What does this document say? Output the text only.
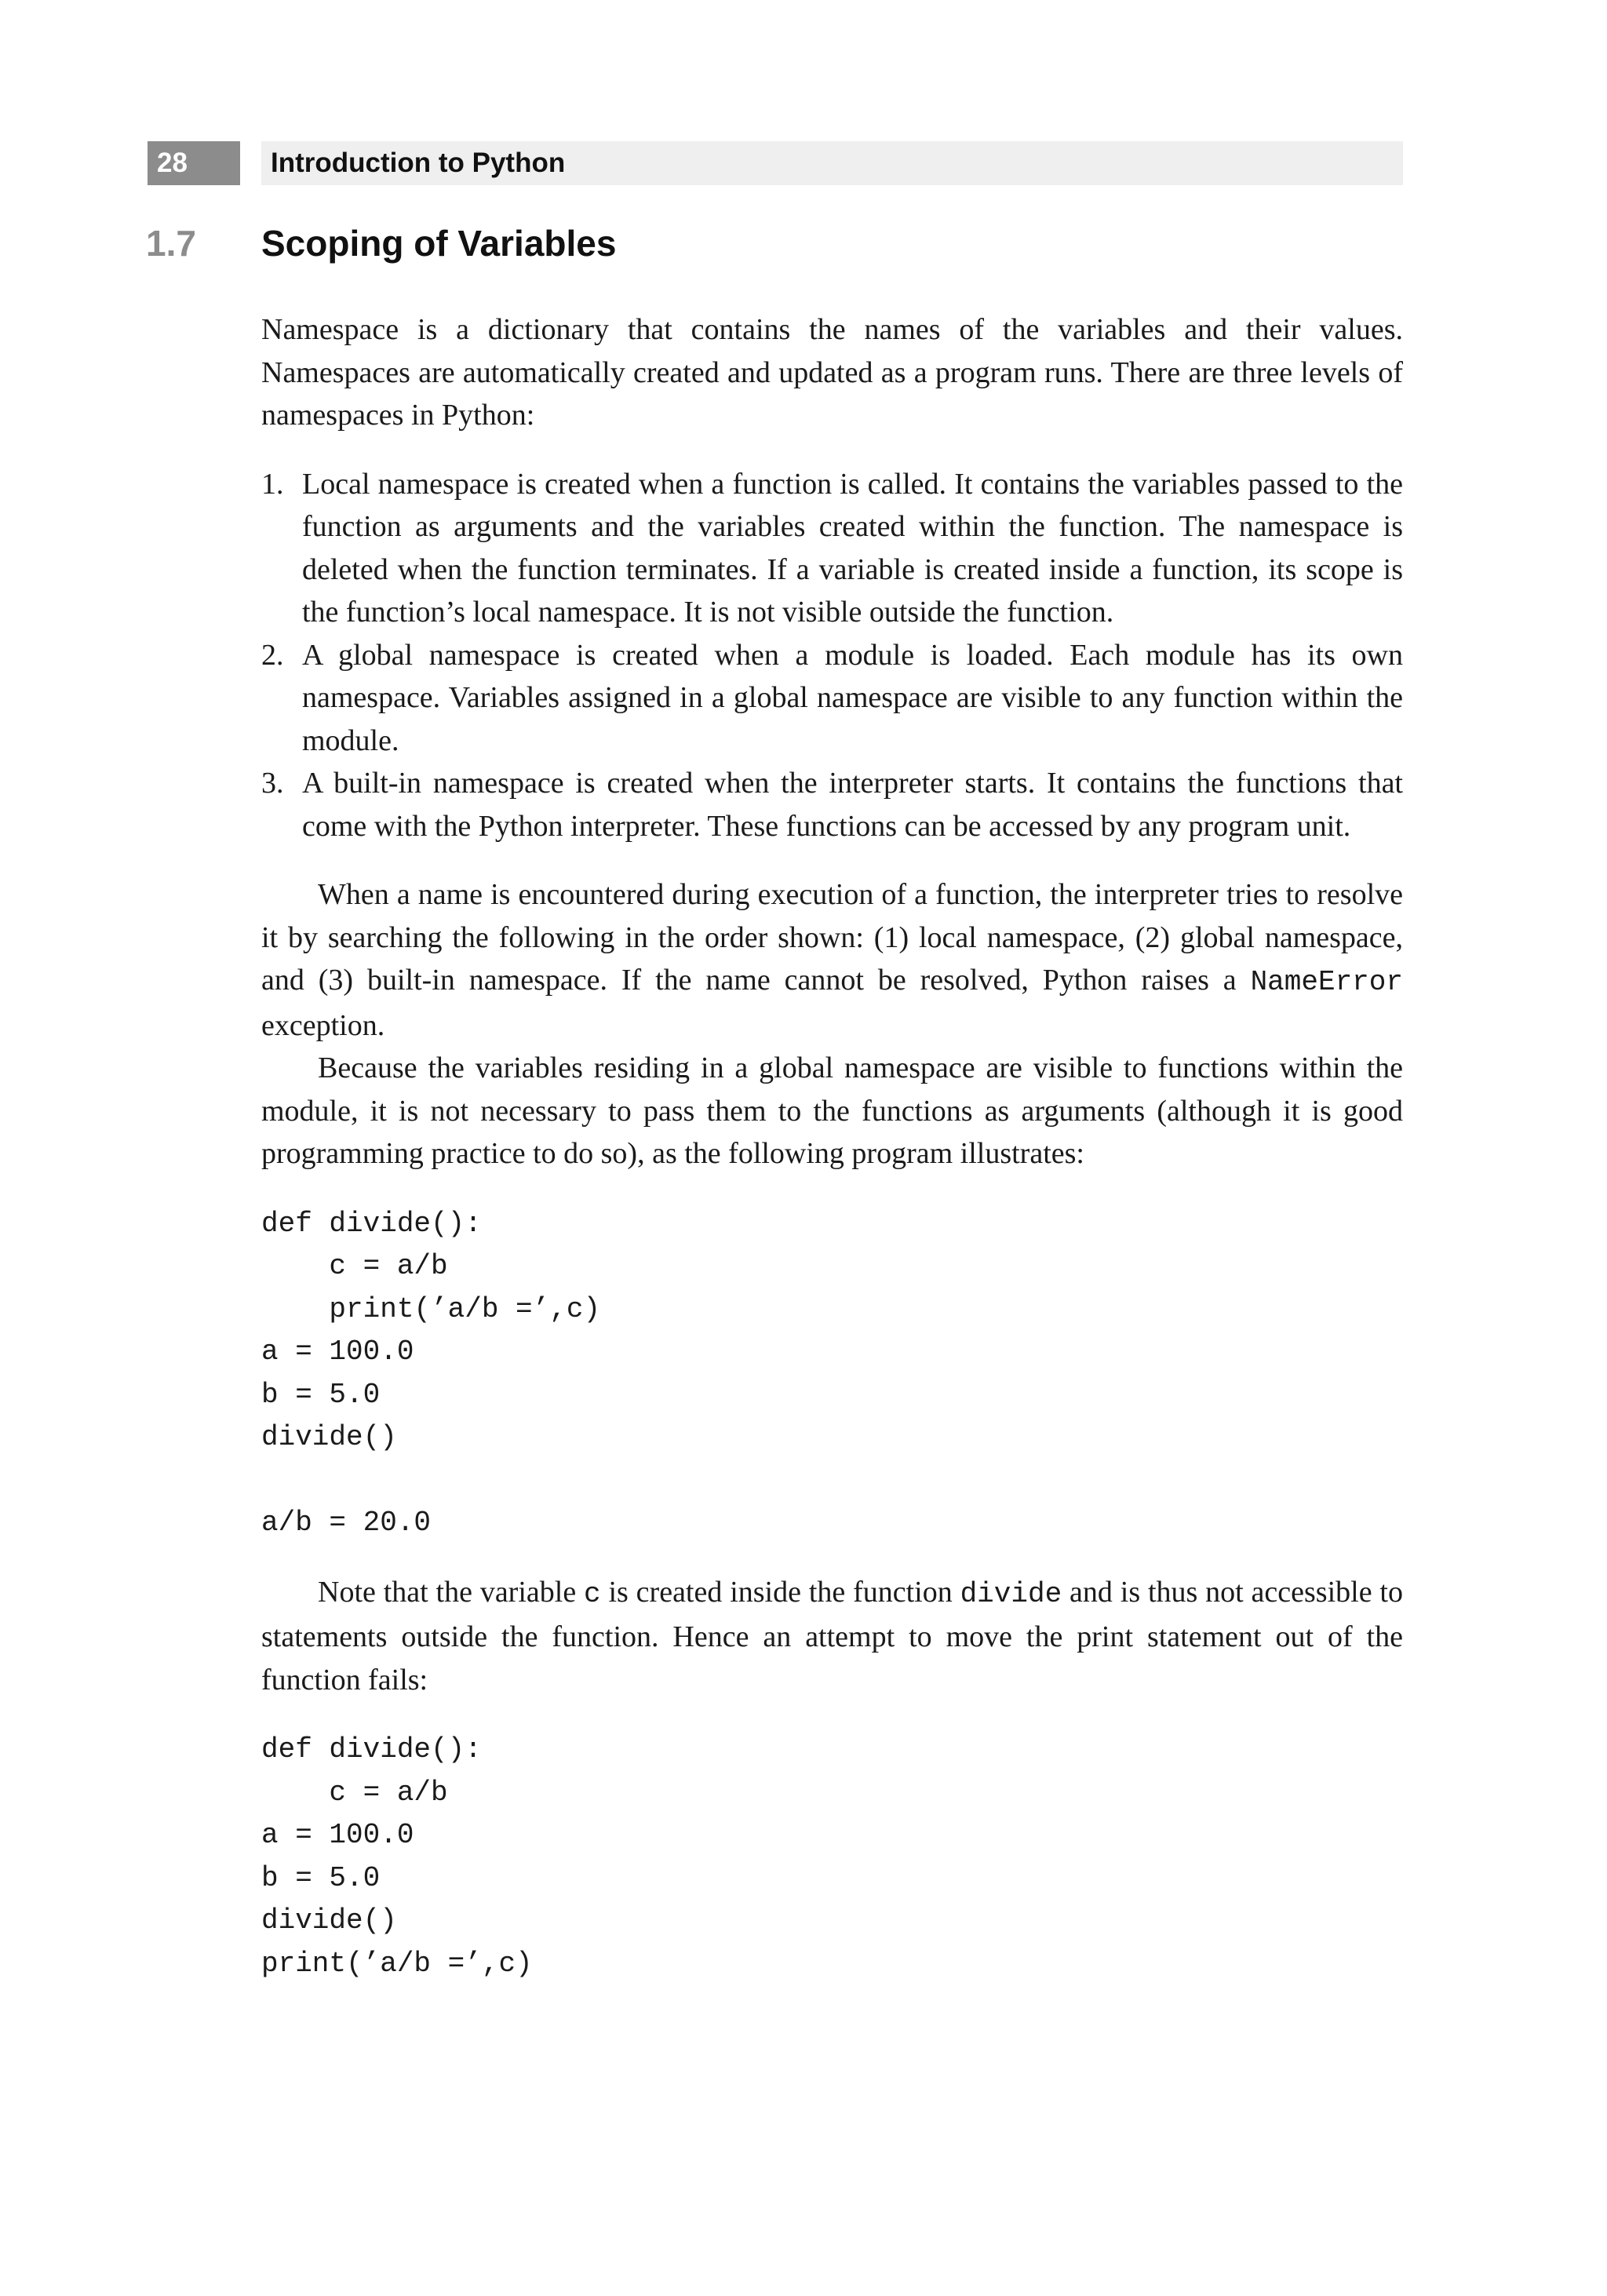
28	Introduction to Python
1.7 Scoping of Variables

Namespace is a dictionary that contains the names of the variables and their values. Namespaces are automatically created and updated as a program runs. There are three levels of namespaces in Python:

1. Local namespace is created when a function is called. It contains the variables passed to the function as arguments and the variables created within the function. The namespace is deleted when the function terminates. If a variable is created inside a function, its scope is the function’s local namespace. It is not visible outside the function.
2. A global namespace is created when a module is loaded. Each module has its own namespace. Variables assigned in a global namespace are visible to any function within the module.
3. A built-in namespace is created when the interpreter starts. It contains the functions that come with the Python interpreter. These functions can be accessed by any program unit.

When a name is encountered during execution of a function, the interpreter tries to resolve it by searching the following in the order shown: (1) local namespace, (2) global namespace, and (3) built-in namespace. If the name cannot be resolved, Python raises a NameError exception.

Because the variables residing in a global namespace are visible to functions within the module, it is not necessary to pass them to the functions as arguments (although it is good programming practice to do so), as the following program illustrates:

def divide():
c = a/b
print(’a/b =’,c)
a = 100.0
b = 5.0
divide()

a/b = 20.0

Note that the variable c is created inside the function divide and is thus not accessible to statements outside the function. Hence an attempt to move the print statement out of the function fails:

def divide():
c = a/b
a = 100.0
b = 5.0
divide()
print(’a/b =’,c)
